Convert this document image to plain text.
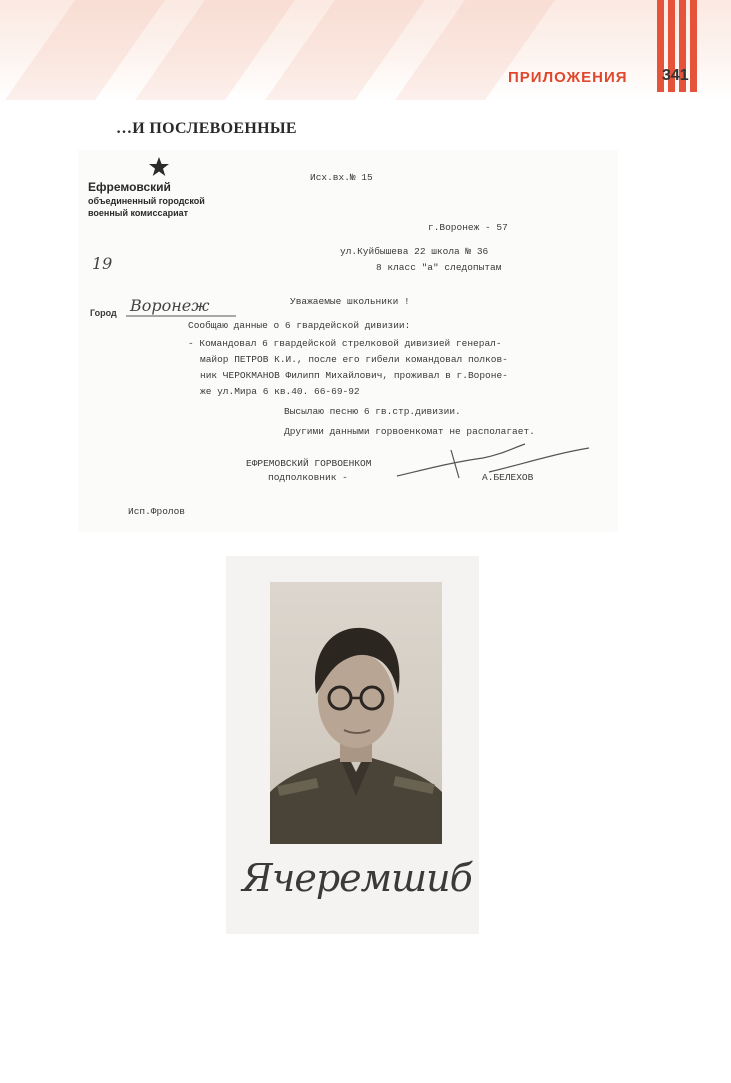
ПРИЛОЖЕНИЯ 341
…И ПОСЛЕВОЕННЫЕ
Ефремовский
объединенный городской
военный комиссариат
19
Город Воронеж
Исх.вх.№ 15
г.Воронеж - 57
ул.Куйбышева 22 школа № 36
8 класс "а" следопытам
Уважаемые школьники !
Сообщаю данные о 6 гвардейской дивизии:
- Командовал 6 гвардейской стрелковой дивизией генерал-
майор ПЕТРОВ К.И., после его гибели командовал полков-
ник ЧЕРОКМАНОВ Филипп Михайлович, проживал в г.Вороне-
же ул.Мира 6 кв.40. 66-69-92
Высылаю песню 6 гв.стр.дивизии.
Другими данными горвоенкомат не располагает.
ЕФРЕМОВСКИЙ ГОРВОЕНКОМ
подполковник -	А.БЕЛЕХОВ
Исп.Фролов
Ячеремшиб
